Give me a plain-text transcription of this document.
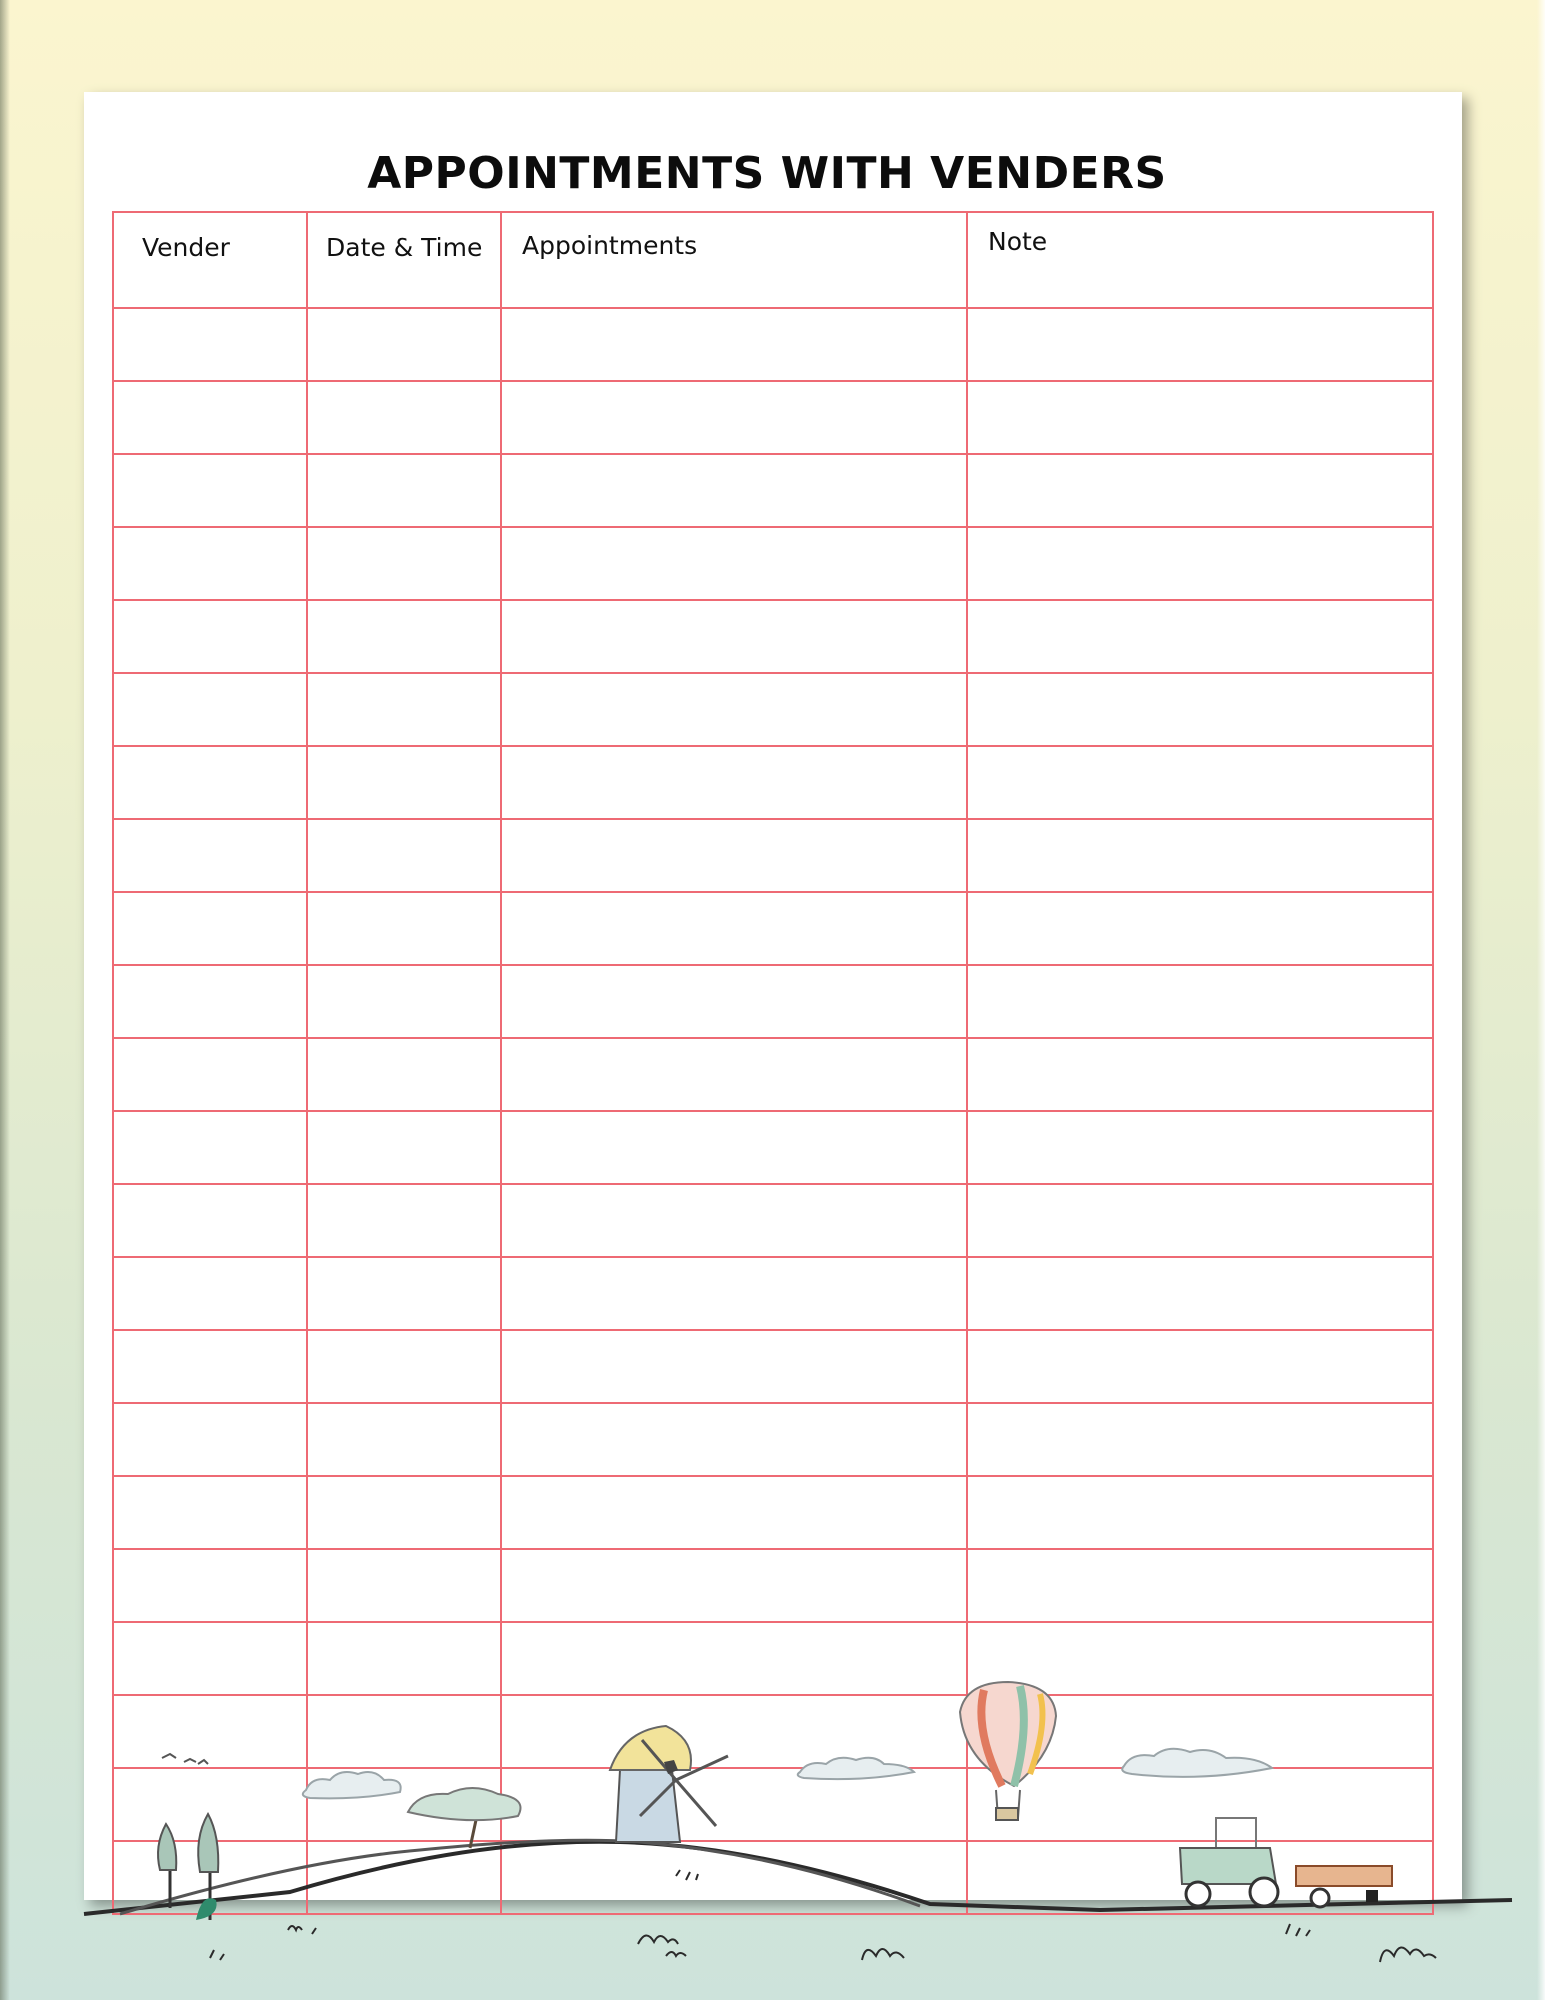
APPOINTMENTS WITH VENDERS
Vender	Date & Time	Appointments	Note
